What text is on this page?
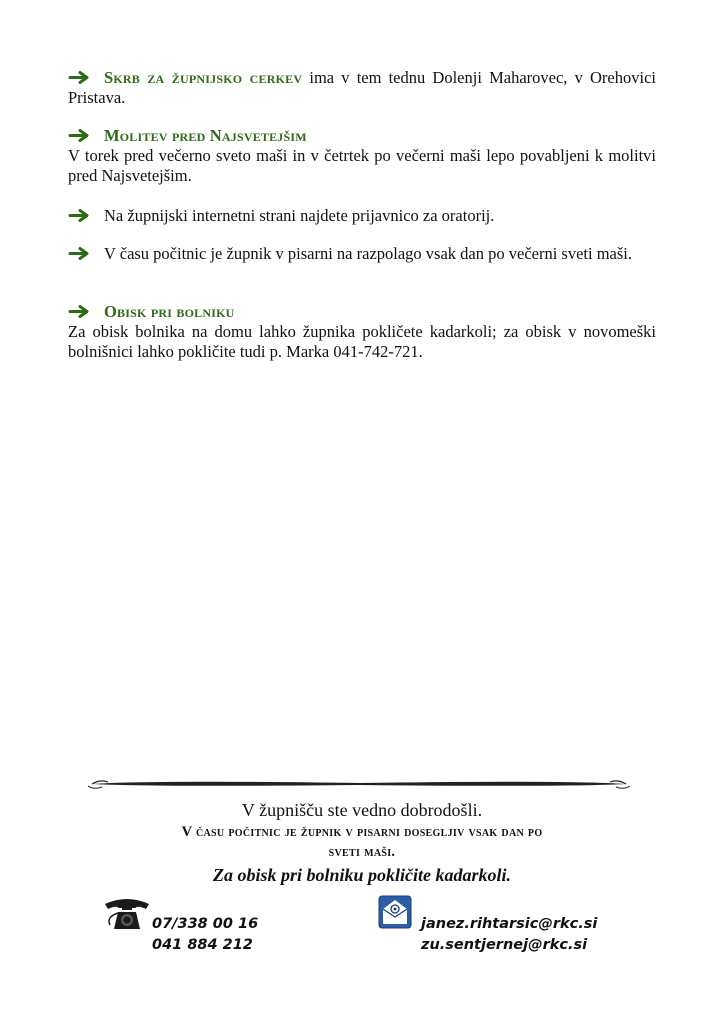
Skrb za župnijsko cerkev ima v tem tednu Dolenji Maharovec, v Orehovici Pristava.
Molitev pred Najsvetejšim
V torek pred večerno sveto maši in v četrtek po večerni maši lepo povabljeni k molitvi pred Najsvetejšim.
Na župnijski internetni strani najdete prijavnico za oratorij.
V času počitnic je župnik v pisarni na razpolago vsak dan po večerni sveti maši.
Obisk pri bolniku
Za obisk bolnika na domu lahko župnika pokličete kadarkoli; za obisk v novomeški bolnišnici lahko pokličite tudi p. Marka 041-742-721.
V župnišču ste vedno dobrodošli.
V času počitnic je župnik v pisarni dosegljiv vsak dan po
sveti maši.
Za obisk pri bolniku pokličite kadarkoli.
07/338 00 16
041 884 212
janez.rihtarsic@rkc.si
zu.sentjernej@rkc.si
